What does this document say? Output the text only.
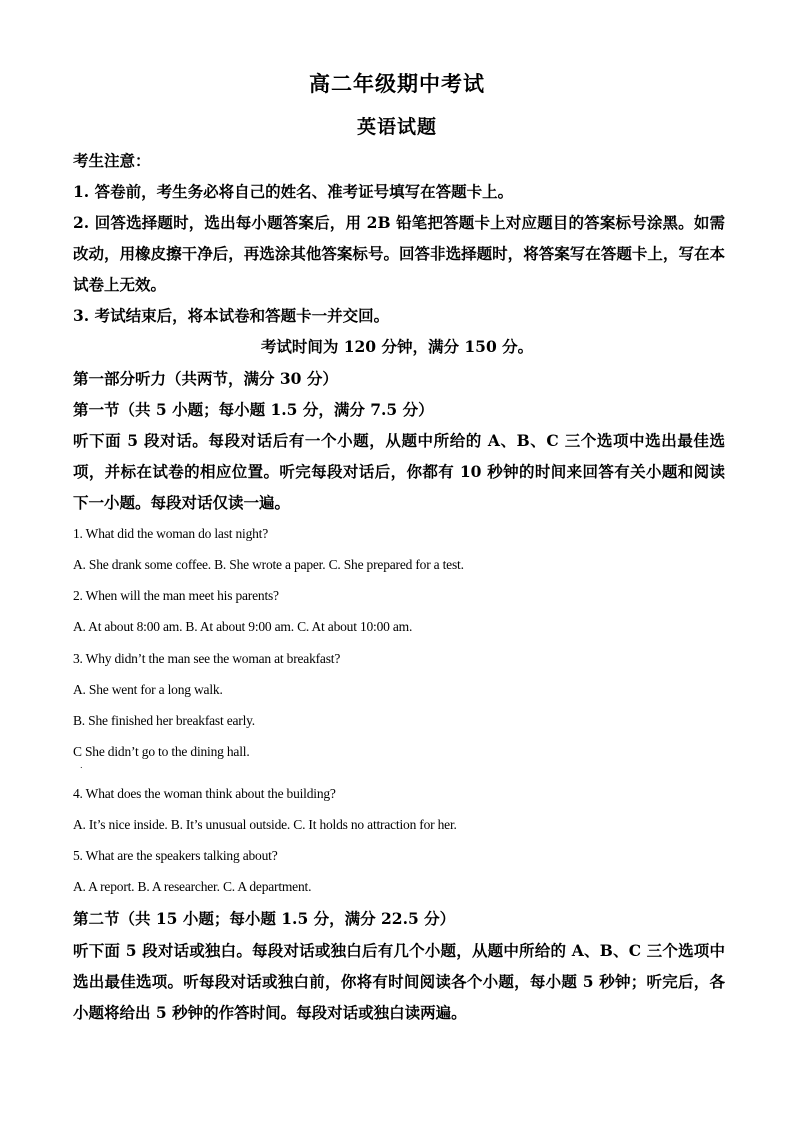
高二年级期中考试
英语试题
考生注意：
1. 答卷前，考生务必将自己的姓名、准考证号填写在答题卡上。
2. 回答选择题时，选出每小题答案后，用 2B 铅笔把答题卡上对应题目的答案标号涂黑。如需改动，用橡皮擦干净后，再选涂其他答案标号。回答非选择题时，将答案写在答题卡上，写在本试卷上无效。
3. 考试结束后，将本试卷和答题卡一并交回。
考试时间为 120 分钟，满分 150 分。
第一部分听力（共两节，满分 30 分）
第一节（共 5 小题；每小题 1.5 分，满分 7.5 分）
听下面 5 段对话。每段对话后有一个小题，从题中所给的 A、B、C 三个选项中选出最佳选项，并标在试卷的相应位置。听完每段对话后，你都有 10 秒钟的时间来回答有关小题和阅读下一小题。每段对话仅读一遍。
1. What did the woman do last night?
A. She drank some coffee. B. She wrote a paper. C. She prepared for a test.
2. When will the man meet his parents?
A. At about 8:00 am. B. At about 9:00 am. C. At about 10:00 am.
3. Why didn’t the man see the woman at breakfast?
A. She went for a long walk.
B. She finished her breakfast early.
C She didn’t go to the dining hall.
.
4. What does the woman think about the building?
A. It’s nice inside. B. It’s unusual outside. C. It holds no attraction for her.
5. What are the speakers talking about?
A. A report. B. A researcher. C. A department.
第二节（共 15 小题；每小题 1.5 分，满分 22.5 分）
听下面 5 段对话或独白。每段对话或独白后有几个小题，从题中所给的 A、B、C 三个选项中选出最佳选项。听每段对话或独白前，你将有时间阅读各个小题，每小题 5 秒钟；听完后，各小题将给出 5 秒钟的作答时间。每段对话或独白读两遍。
